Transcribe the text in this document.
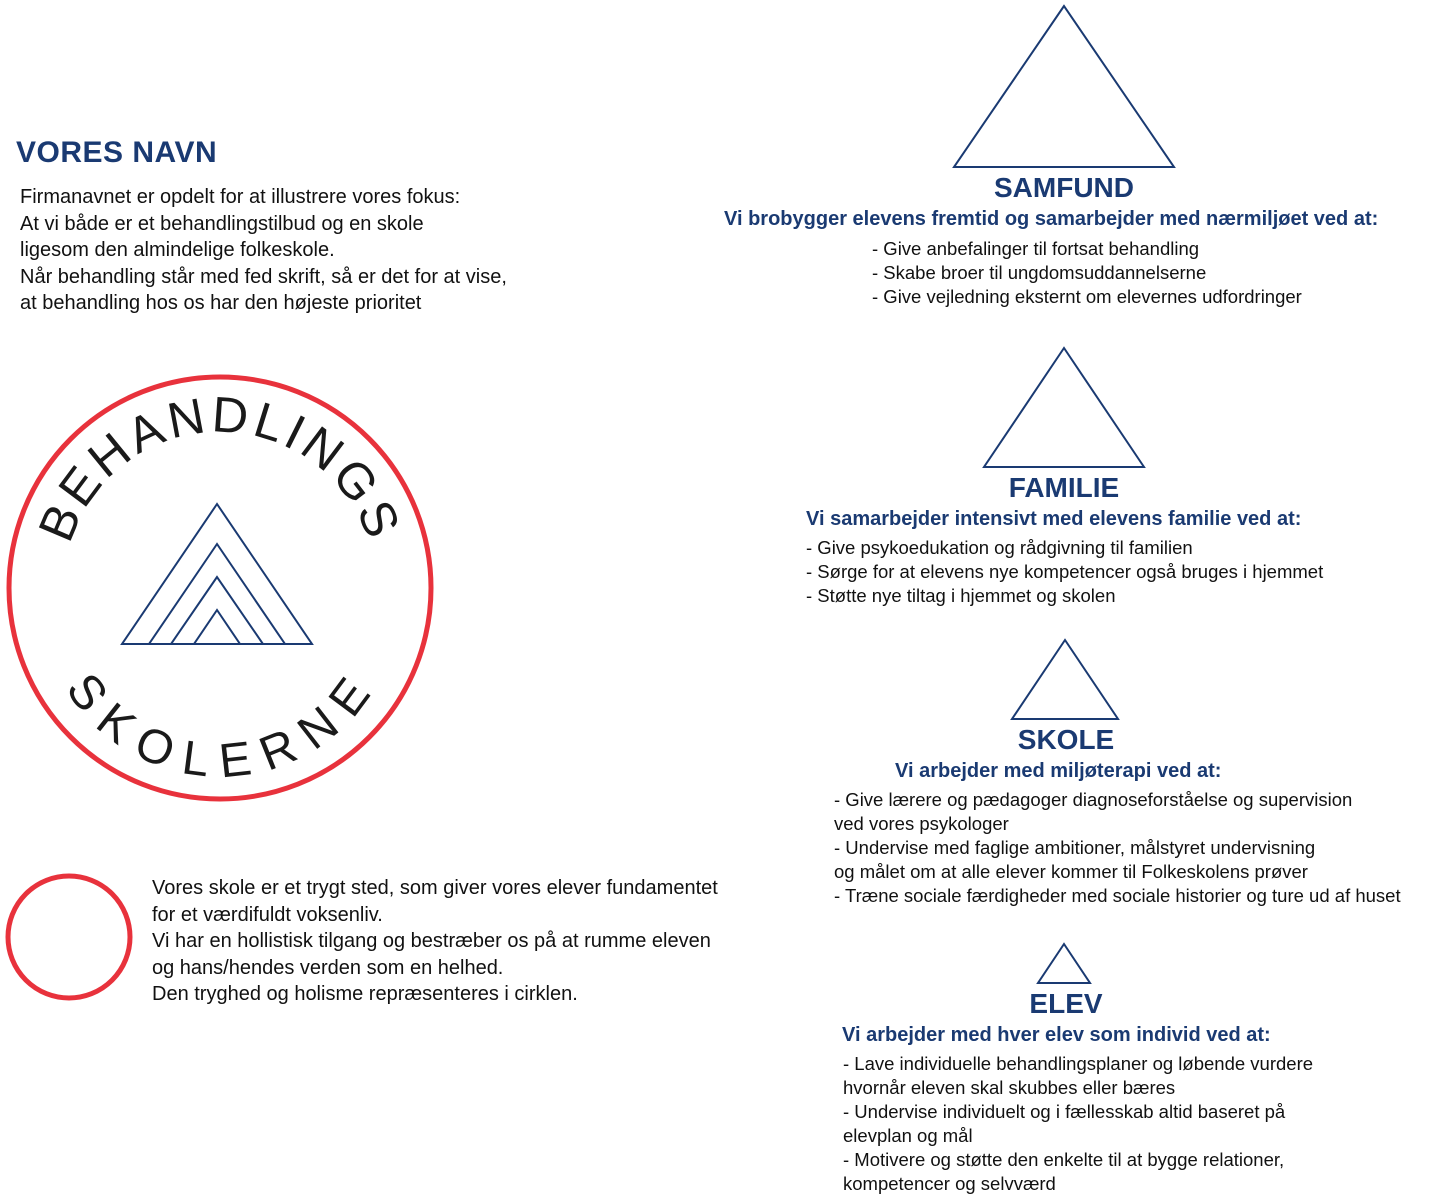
VORES NAVN
Firmanavnet er opdelt for at illustrere vores fokus:
At vi både er et behandlingstilbud og en skole
ligesom den almindelige folkeskole.
Når behandling står med fed skrift, så er det for at vise,
at behandling hos os har den højeste prioritet
BEHANDLINGS
SKOLERNE
Vores skole er et trygt sted, som giver vores elever fundamentet
for et værdifuldt voksenliv.
Vi har en hollistisk tilgang og bestræber os på at rumme eleven
og hans/hendes verden som en helhed.
Den tryghed og holisme repræsenteres i cirklen.
SAMFUND
Vi brobygger elevens fremtid og samarbejder med nærmiljøet ved at:
- Give anbefalinger til fortsat behandling
- Skabe broer til ungdomsuddannelserne
- Give vejledning eksternt om elevernes udfordringer
FAMILIE
Vi samarbejder intensivt med elevens familie ved at:
- Give psykoedukation og rådgivning til familien
- Sørge for at elevens nye kompetencer også bruges i hjemmet
- Støtte nye tiltag i hjemmet og skolen
SKOLE
Vi arbejder med miljøterapi ved at:
- Give lærere og pædagoger diagnoseforståelse og supervision
ved vores psykologer
- Undervise med faglige ambitioner, målstyret undervisning
og målet om at alle elever kommer til Folkeskolens prøver
- Træne sociale færdigheder med sociale historier og ture ud af huset
ELEV
Vi arbejder med hver elev som individ ved at:
- Lave individuelle behandlingsplaner og løbende vurdere
hvornår eleven skal skubbes eller bæres
- Undervise individuelt og i fællesskab altid baseret på
elevplan og mål
- Motivere og støtte den enkelte til at bygge relationer,
kompetencer og selvværd
